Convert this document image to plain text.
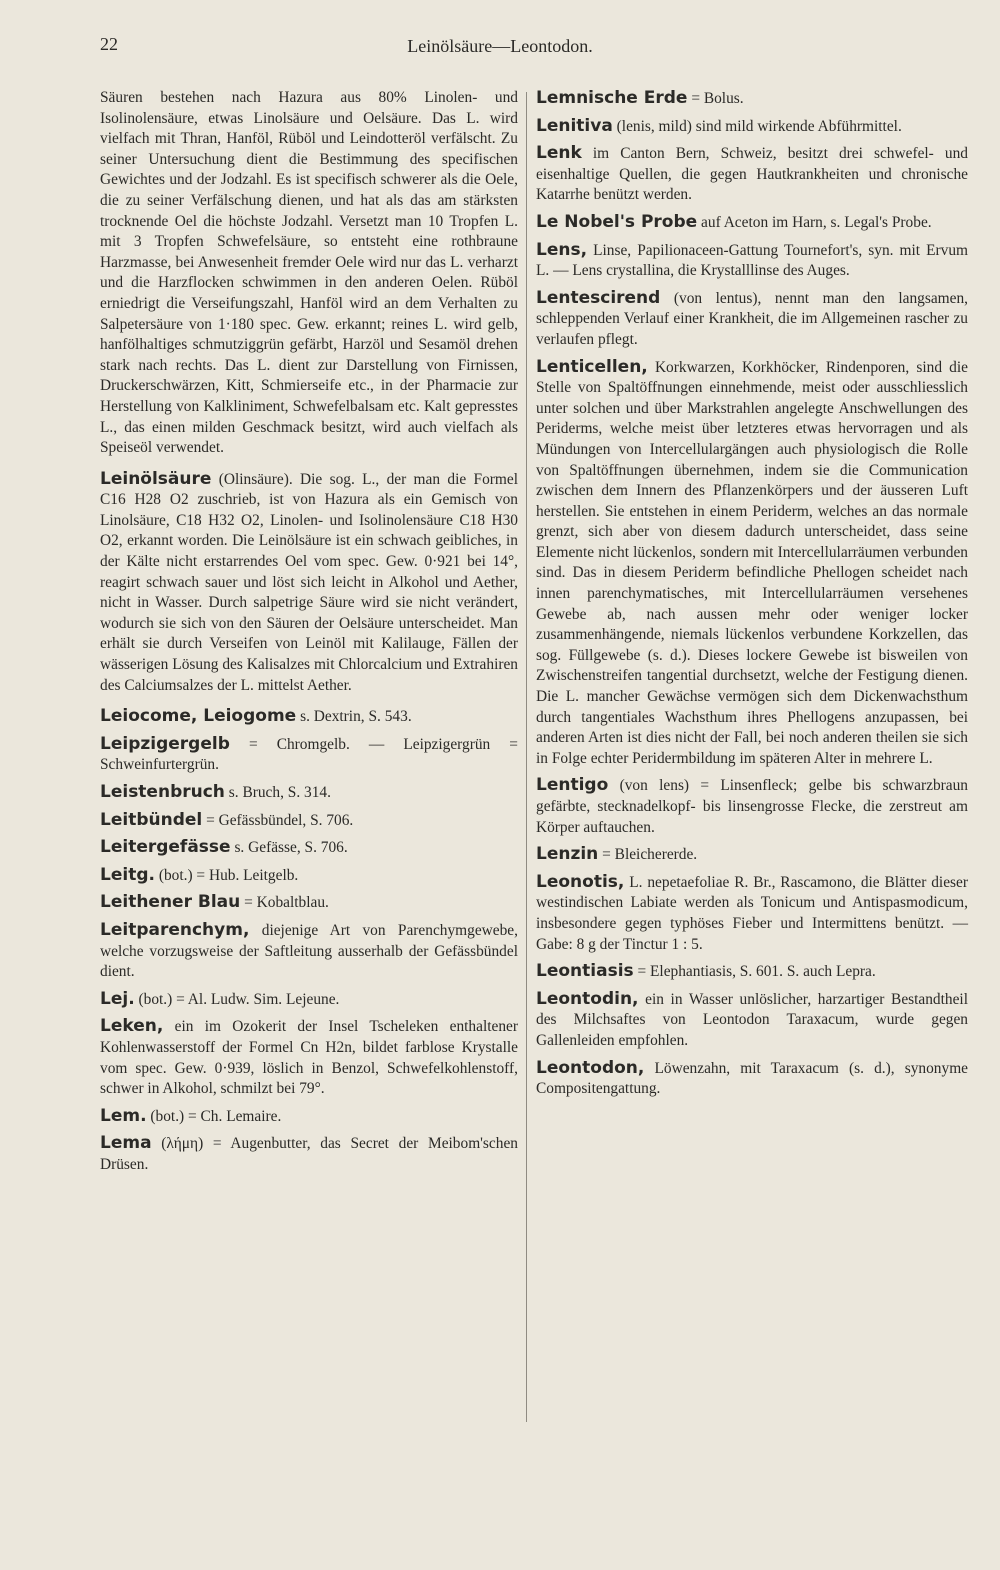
22	Leinölsäure—Leontodon.

Säuren bestehen nach Hazura aus 80% Linolen- und Isolinolensäure, etwas Linolsäure und Oelsäure. Das L. wird vielfach mit Thran, Hanföl, Rüböl und Leindotteröl verfälscht. Zu seiner Untersuchung dient die Bestimmung des specifischen Gewichtes und der Jodzahl. Es ist specifisch schwerer als die Oele, die zu seiner Verfälschung dienen, und hat als das am stärksten trocknende Oel die höchste Jodzahl. Versetzt man 10 Tropfen L. mit 3 Tropfen Schwefelsäure, so entsteht eine rothbraune Harzmasse, bei Anwesenheit fremder Oele wird nur das L. verharzt und die Harzflocken schwimmen in den anderen Oelen. Rüböl erniedrigt die Verseifungszahl, Hanföl wird an dem Verhalten zu Salpetersäure von 1·180 spec. Gew. erkannt; reines L. wird gelb, hanfölhaltiges schmutziggrün gefärbt, Harzöl und Sesamöl drehen stark nach rechts. Das L. dient zur Darstellung von Firnissen, Druckerschwärzen, Kitt, Schmierseife etc., in der Pharmacie zur Herstellung von Kalkliniment, Schwefelbalsam etc. Kalt gepresstes L., das einen milden Geschmack besitzt, wird auch vielfach als Speiseöl verwendet.

Leinölsäure (Olinsäure). Die sog. L., der man die Formel C16 H28 O2 zuschrieb, ist von Hazura als ein Gemisch von Linolsäure, C18 H32 O2, Linolen- und Isolinolensäure C18 H30 O2, erkannt worden. Die Leinölsäure ist ein schwach geibliches, in der Kälte nicht erstarrendes Oel vom spec. Gew. 0·921 bei 14°, reagirt schwach sauer und löst sich leicht in Alkohol und Aether, nicht in Wasser. Durch salpetrige Säure wird sie nicht verändert, wodurch sie sich von den Säuren der Oelsäure unterscheidet. Man erhält sie durch Verseifen von Leinöl mit Kalilauge, Fällen der wässerigen Lösung des Kalisalzes mit Chlorcalcium und Extrahiren des Calciumsalzes der L. mittelst Aether.

Leiocome, Leiogome s. Dextrin, S. 543.

Leipzigergelb = Chromgelb. — Leipzigergrün = Schweinfurtergrün.

Leistenbruch s. Bruch, S. 314.

Leitbündel = Gefässbündel, S. 706.

Leitergefässe s. Gefässe, S. 706.

Leitg. (bot.) = Hub. Leitgelb.

Leithener Blau = Kobaltblau.

Leitparenchym, diejenige Art von Parenchymgewebe, welche vorzugsweise der Saftleitung ausserhalb der Gefässbündel dient.

Lej. (bot.) = Al. Ludw. Sim. Lejeune.

Leken, ein im Ozokerit der Insel Tscheleken enthaltener Kohlenwasserstoff der Formel Cn H2n, bildet farblose Krystalle vom spec. Gew. 0·939, löslich in Benzol, Schwefelkohlenstoff, schwer in Alkohol, schmilzt bei 79°.

Lem. (bot.) = Ch. Lemaire.

Lema (λήμη) = Augenbutter, das Secret der Meibom'schen Drüsen.

Lemnische Erde = Bolus.

Lenitiva (lenis, mild) sind mild wirkende Abführmittel.

Lenk im Canton Bern, Schweiz, besitzt drei schwefel- und eisenhaltige Quellen, die gegen Hautkrankheiten und chronische Katarrhe benützt werden.

Le Nobel's Probe auf Aceton im Harn, s. Legal's Probe.

Lens, Linse, Papilionaceen-Gattung Tournefort's, syn. mit Ervum L. — Lens crystallina, die Krystalllinse des Auges.

Lentescirend (von lentus), nennt man den langsamen, schleppenden Verlauf einer Krankheit, die im Allgemeinen rascher zu verlaufen pflegt.

Lenticellen, Korkwarzen, Korkhöcker, Rindenporen, sind die Stelle von Spaltöffnungen einnehmende, meist oder ausschliesslich unter solchen und über Markstrahlen angelegte Anschwellungen des Periderms, welche meist über letzteres etwas hervorragen und als Mündungen von Intercellulargängen auch physiologisch die Rolle von Spaltöffnungen übernehmen, indem sie die Communication zwischen dem Innern des Pflanzenkörpers und der äusseren Luft herstellen. Sie entstehen in einem Periderm, welches an das normale grenzt, sich aber von diesem dadurch unterscheidet, dass seine Elemente nicht lückenlos, sondern mit Intercellularräumen verbunden sind. Das in diesem Periderm befindliche Phellogen scheidet nach innen parenchymatisches, mit Intercellularräumen versehenes Gewebe ab, nach aussen mehr oder weniger locker zusammenhängende, niemals lückenlos verbundene Korkzellen, das sog. Füllgewebe (s. d.). Dieses lockere Gewebe ist bisweilen von Zwischenstreifen tangential durchsetzt, welche der Festigung dienen. Die L. mancher Gewächse vermögen sich dem Dickenwachsthum durch tangentiales Wachsthum ihres Phellogens anzupassen, bei anderen Arten ist dies nicht der Fall, bei noch anderen theilen sie sich in Folge echter Peridermbildung im späteren Alter in mehrere L.

Lentigo (von lens) = Linsenfleck; gelbe bis schwarzbraun gefärbte, stecknadelkopf- bis linsengrosse Flecke, die zerstreut am Körper auftauchen.

Lenzin = Bleichererde.

Leonotis, L. nepetaefoliae R. Br., Rascamono, die Blätter dieser westindischen Labiate werden als Tonicum und Antispasmodicum, insbesondere gegen typhöses Fieber und Intermittens benützt. — Gabe: 8 g der Tinctur 1 : 5.

Leontiasis = Elephantiasis, S. 601. S. auch Lepra.

Leontodin, ein in Wasser unlöslicher, harzartiger Bestandtheil des Milchsaftes von Leontodon Taraxacum, wurde gegen Gallenleiden empfohlen.

Leontodon, Löwenzahn, mit Taraxacum (s. d.), synonyme Compositengattung.
